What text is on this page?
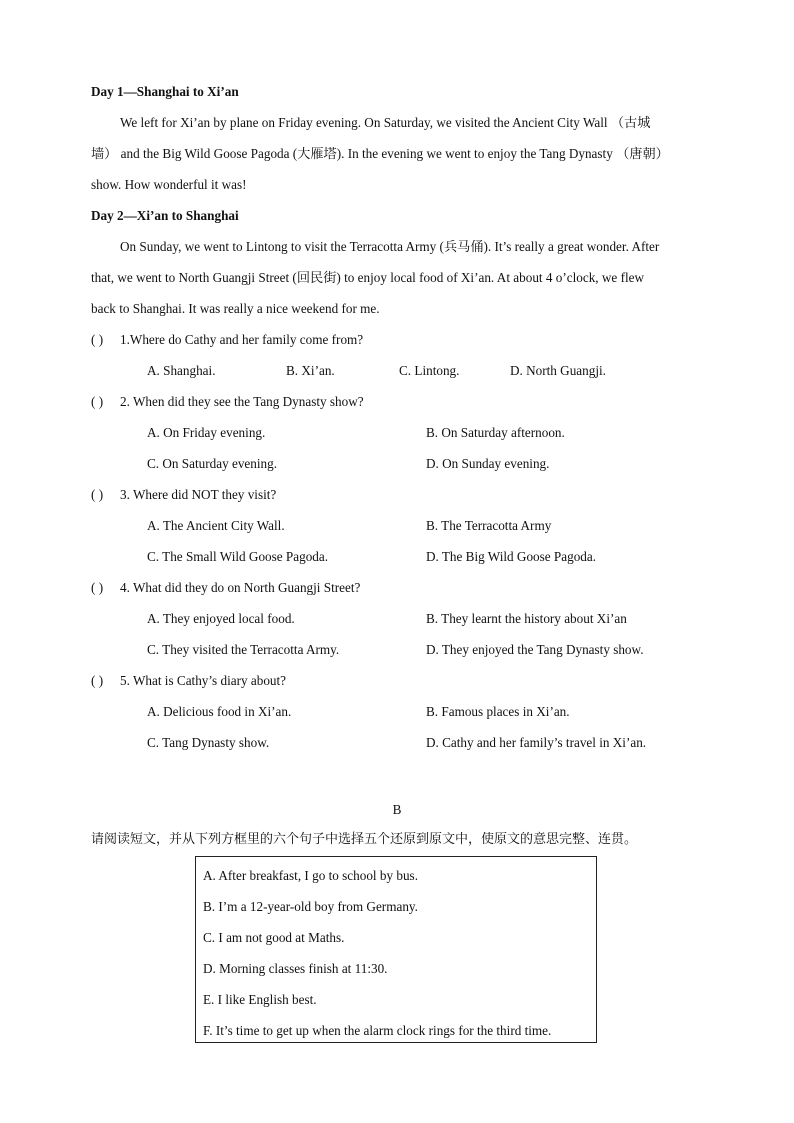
Day 1—Shanghai to Xi’an
We left for Xi’an by plane on Friday evening. On Saturday, we visited the Ancient City Wall （古城
墙） and the Big Wild Goose Pagoda (大雁塔). In the evening we went to enjoy the Tang Dynasty （唐朝）
show. How wonderful it was!
Day 2—Xi’an to Shanghai
On Sunday, we went to Lintong to visit the Terracotta Army (兵马俑). It’s really a great wonder. After
that, we went to North Guangji Street (回民街) to enjoy local food of Xi’an. At about 4 o’clock, we flew
back to Shanghai. It was really a nice weekend for me.
( ) 1.Where do Cathy and her family come from?
A. Shanghai.	B. Xi’an.	C. Lintong.	D. North Guangji.
( ) 2. When did they see the Tang Dynasty show?
A. On Friday evening.	B. On Saturday afternoon.
C. On Saturday evening.	D. On Sunday evening.
( ) 3. Where did NOT they visit?
A. The Ancient City Wall.	B. The Terracotta Army
C. The Small Wild Goose Pagoda.	D. The Big Wild Goose Pagoda.
( ) 4. What did they do on North Guangji Street?
A. They enjoyed local food.	B. They learnt the history about Xi’an
C. They visited the Terracotta Army.	D. They enjoyed the Tang Dynasty show.
( ) 5. What is Cathy’s diary about?
A. Delicious food in Xi’an.	B. Famous places in Xi’an.
C. Tang Dynasty show.	D. Cathy and her family’s travel in Xi’an.
B
请阅读短文，并从下列方框里的六个句子中选择五个还原到原文中，使原文的意思完整、连贯。
A. After breakfast, I go to school by bus.
B. I’m a 12-year-old boy from Germany.
C. I am not good at Maths.
D. Morning classes finish at 11:30.
E. I like English best.
F. It’s time to get up when the alarm clock rings for the third time.
